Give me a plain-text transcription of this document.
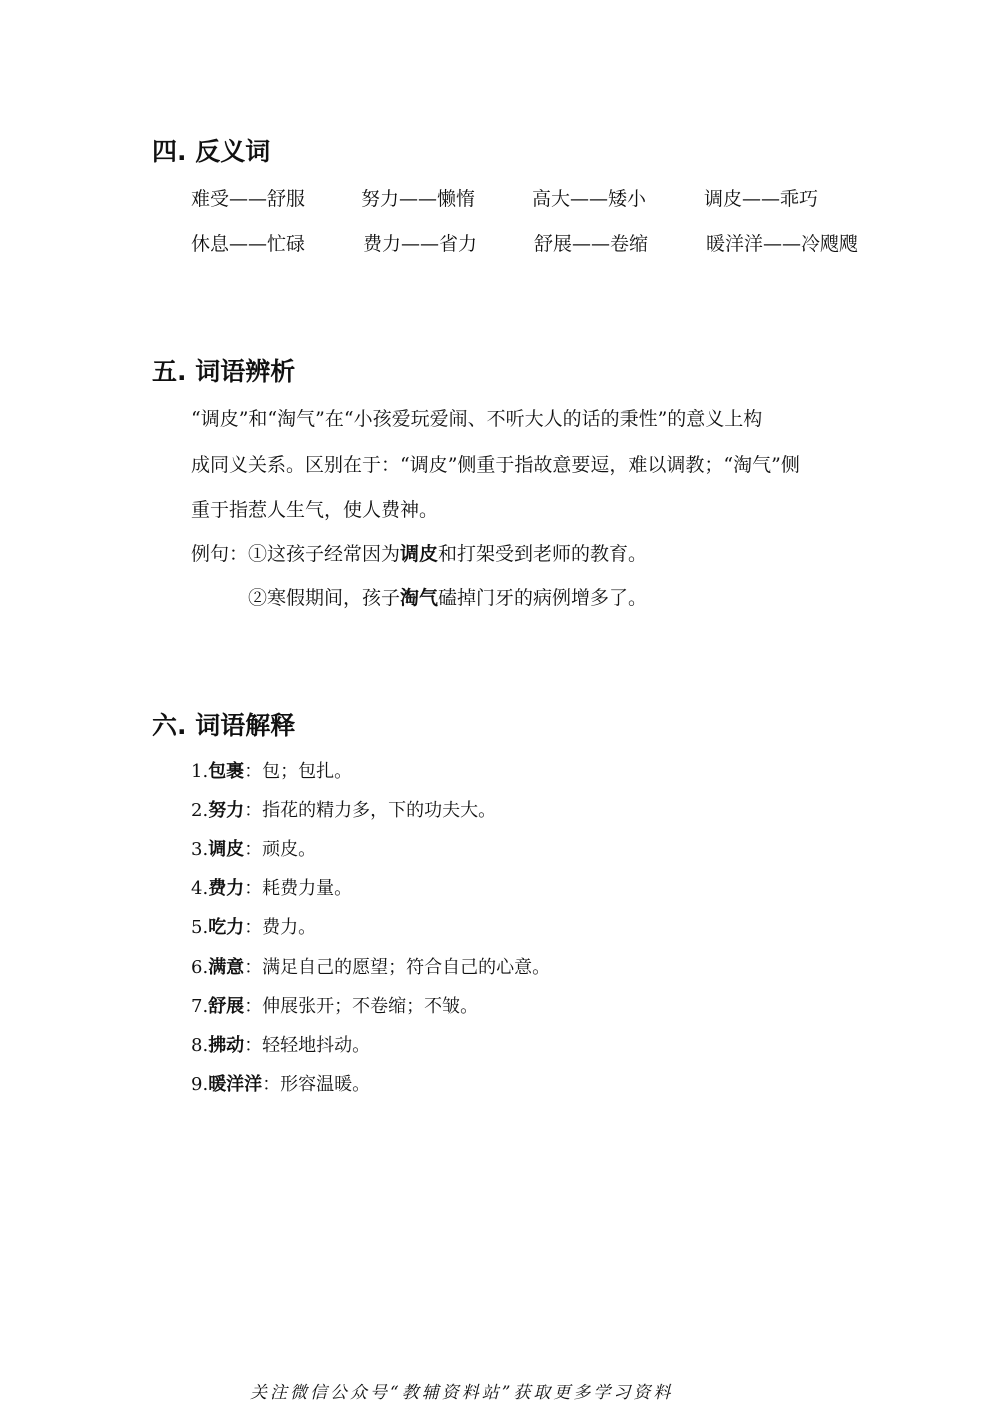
四. 反义词
难受——舒服	努力——懒惰	高大——矮小	调皮——乖巧
休息——忙碌	费力——省力	舒展——卷缩	暖洋洋——冷飕飕
五. 词语辨析
“调皮”和“淘气”在“小孩爱玩爱闹、不听大人的话的秉性”的意义上构
成同义关系。区别在于：“调皮”侧重于指故意要逗，难以调教；“淘气”侧
重于指惹人生气，使人费神。
例句：①这孩子经常因为调皮和打架受到老师的教育。
②寒假期间，孩子淘气磕掉门牙的病例增多了。
六. 词语解释
1.包裹：包；包扎。
2.努力：指花的精力多，下的功夫大。
3.调皮：顽皮。
4.费力：耗费力量。
5.吃力：费力。
6.满意：满足自己的愿望；符合自己的心意。
7.舒展：伸展张开；不卷缩；不皱。
8.拂动：轻轻地抖动。
9.暖洋洋：形容温暖。
关注微信公众号“教辅资料站”获取更多学习资料
